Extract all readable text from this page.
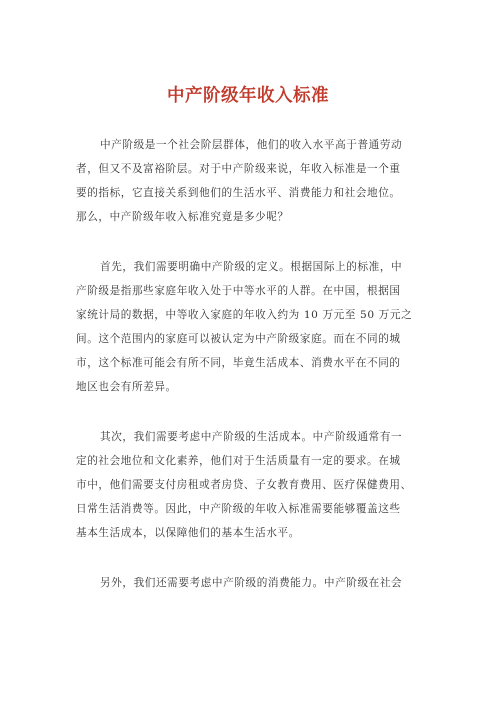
中产阶级年收入标准
中产阶级是一个社会阶层群体，他们的收入水平高于普通劳动
者，但又不及富裕阶层。对于中产阶级来说，年收入标准是一个重
要的指标，它直接关系到他们的生活水平、消费能力和社会地位。
那么，中产阶级年收入标准究竟是多少呢？
首先，我们需要明确中产阶级的定义。根据国际上的标准，中
产阶级是指那些家庭年收入处于中等水平的人群。在中国，根据国
家统计局的数据，中等收入家庭的年收入约为 10 万元至 50 万元之
间。这个范围内的家庭可以被认定为中产阶级家庭。而在不同的城
市，这个标准可能会有所不同，毕竟生活成本、消费水平在不同的
地区也会有所差异。
其次，我们需要考虑中产阶级的生活成本。中产阶级通常有一
定的社会地位和文化素养，他们对于生活质量有一定的要求。在城
市中，他们需要支付房租或者房贷、子女教育费用、医疗保健费用、
日常生活消费等。因此，中产阶级的年收入标准需要能够覆盖这些
基本生活成本，以保障他们的基本生活水平。
另外，我们还需要考虑中产阶级的消费能力。中产阶级在社会
